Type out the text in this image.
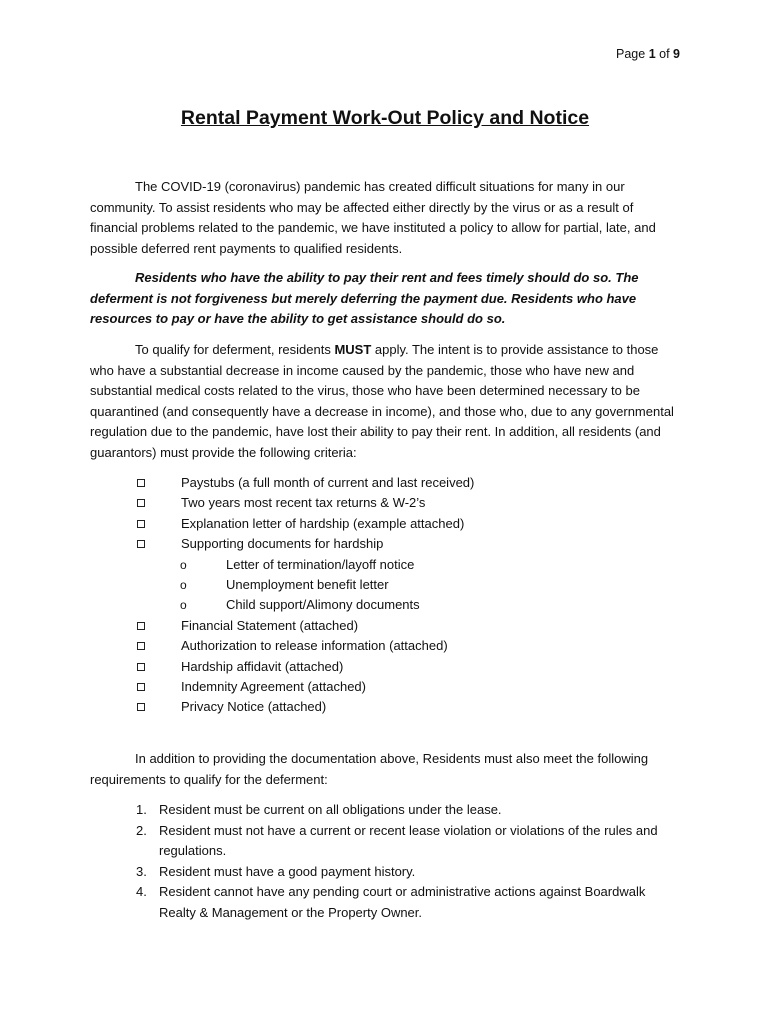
Page 1 of 9
Rental Payment Work-Out Policy and Notice

The COVID-19 (coronavirus) pandemic has created difficult situations for many in our community. To assist residents who may be affected either directly by the virus or as a result of financial problems related to the pandemic, we have instituted a policy to allow for partial, late, and possible deferred rent payments to qualified residents.

Residents who have the ability to pay their rent and fees timely should do so. The deferment is not forgiveness but merely deferring the payment due. Residents who have resources to pay or have the ability to get assistance should do so.

To qualify for deferment, residents MUST apply. The intent is to provide assistance to those who have a substantial decrease in income caused by the pandemic, those who have new and substantial medical costs related to the virus, those who have been determined necessary to be quarantined (and consequently have a decrease in income), and those who, due to any governmental regulation due to the pandemic, have lost their ability to pay their rent. In addition, all residents (and guarantors) must provide the following criteria:

Paystubs (a full month of current and last received)
Two years most recent tax returns & W-2’s
Explanation letter of hardship (example attached)
Supporting documents for hardship
o	Letter of termination/layoff notice
o	Unemployment benefit letter
o	Child support/Alimony documents
Financial Statement (attached)
Authorization to release information (attached)
Hardship affidavit (attached)
Indemnity Agreement (attached)
Privacy Notice (attached)

In addition to providing the documentation above, Residents must also meet the following requirements to qualify for the deferment:

1. Resident must be current on all obligations under the lease.
2. Resident must not have a current or recent lease violation or violations of the rules and regulations.
3. Resident must have a good payment history.
4. Resident cannot have any pending court or administrative actions against Boardwalk Realty & Management or the Property Owner.
